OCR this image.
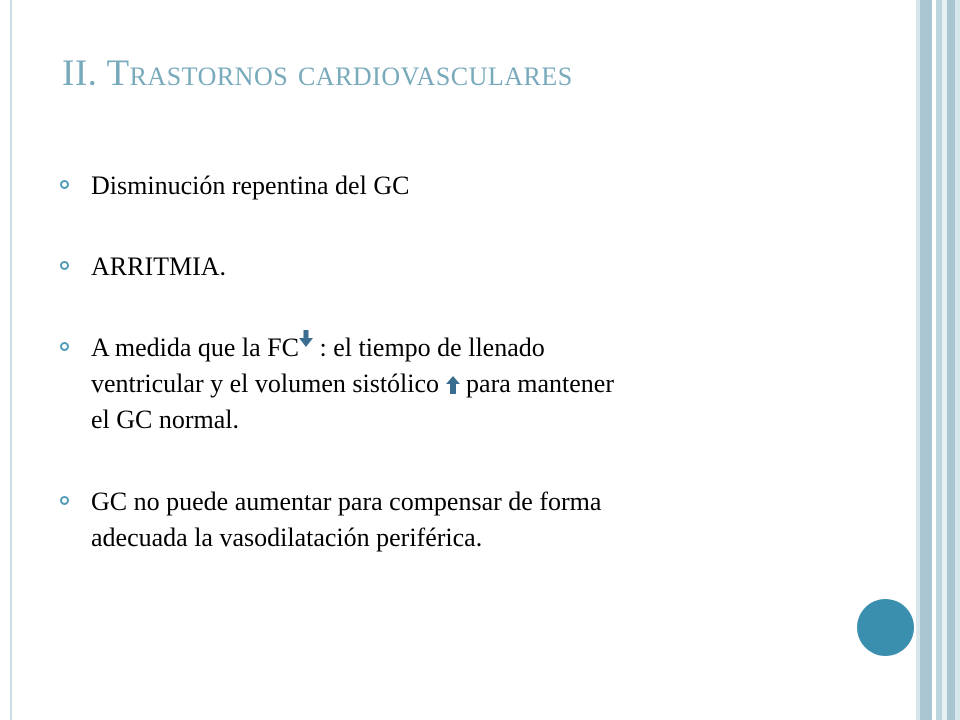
II. Trastornos cardiovasculares
Disminución repentina del GC
ARRITMIA.
A medida que la FC : el tiempo de llenado
ventricular y el volumen sistólico  para mantener
el GC normal.
GC no puede aumentar para compensar de forma
adecuada la vasodilatación periférica.
